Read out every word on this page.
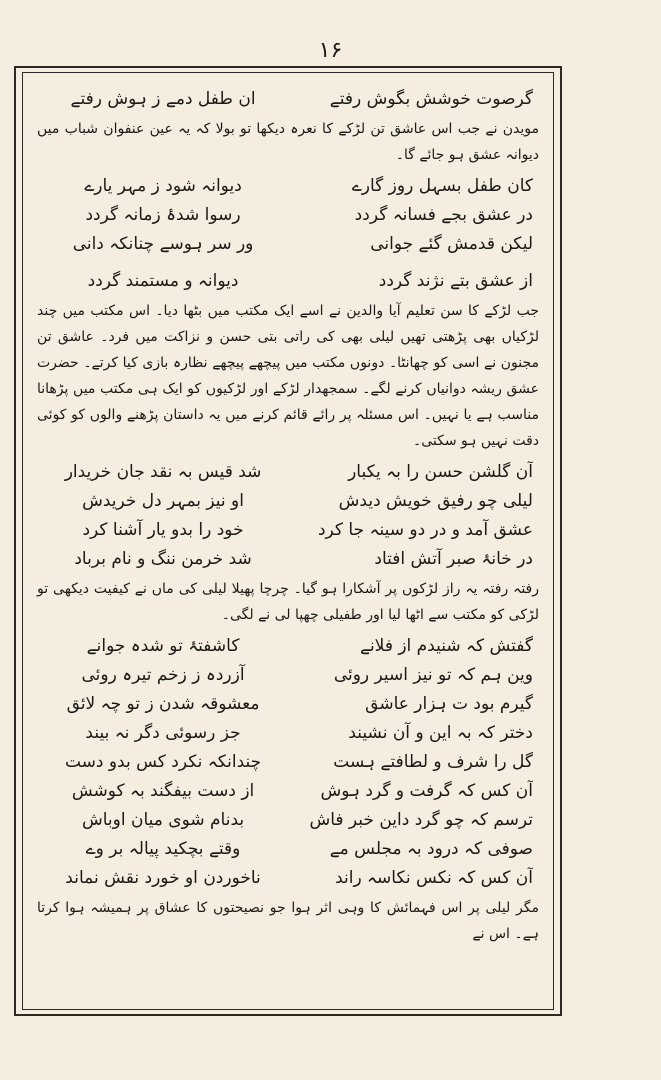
۱۶
گرصوت خوشش بگوش رفتے
ان طفل دمے ز ہوش رفتے
مویدن نے جب اس عاشق تن لڑکے کا نعرہ دیکھا تو بولا کہ یہ عین عنفوان شباب میں دیوانہ عشق ہو جائے گا۔
کان طفل بسہل روز گارے
دیوانہ شود ز مہر یارے
در عشق بجے فسانہ گردد
رسوا شدۂ زمانہ گردد
لیکن قدمش گئے جوانی
ور سر ہوسے چنانکہ دانی
از عشق بتے نژند گردد
دیوانہ و مستمند گردد
جب لڑکے کا سن تعلیم آیا والدین نے اسے ایک مکتب میں بٹھا دیا۔ اس مکتب میں چند لڑکیاں بھی پڑھتی تھیں لیلی بھی کی راتی بتی حسن و نزاکت میں فرد۔ عاشق تن مجنون نے اسی کو چھانٹا۔ دونوں مکتب میں پیچھے پیچھے نظارہ بازی کیا کرتے۔ حضرت عشق ریشہ دوانیاں کرنے لگے۔ سمجھدار لڑکے اور لڑکیوں کو ایک ہی مکتب میں پڑھانا مناسب ہے یا نہیں۔ اس مسئلہ پر رائے قائم کرنے میں یہ داستان پڑھنے والوں کو کوئی دقت نہیں ہو سکتی۔
آن گلشن حسن را بہ یکبار
شد قیس بہ نقد جان خریدار
لیلی چو رفیق خویش دیدش
او نیز بمہر دل خریدش
عشق آمد و در دو سینہ جا کرد
خود را بدو یار آشنا کرد
در خانۂ صبر آتش افتاد
شد خرمن ننگ و نام برباد
رفتہ رفتہ یہ راز لڑکوں پر آشکارا ہو گیا۔ چرچا پھیلا لیلی کی ماں نے کیفیت دیکھی تو لڑکی کو مکتب سے اٹھا لیا اور طفیلی چھپا لی نے لگی۔
گفتش کہ شنیدم از فلانے
کاشفتۂ تو شدہ جوانے
وین ہم کہ تو نیز اسیر روئی
آزردہ ز زخم تیرہ روئی
گیرم بود ت ہزار عاشق
معشوقہ شدن ز تو چہ لائق
دختر کہ بہ این و آن نشیند
جز رسوئی دگر نہ بیند
گل را شرف و لطافتے ہست
چندانکہ نکرد کس بدو دست
آن کس کہ گرفت و گرد ہوش
از دست بیفگند بہ کوشش
ترسم کہ چو گرد داین خبر فاش
بدنام شوی میان اوباش
صوفی کہ درود بہ مجلس مے
وقتے بچکید پیالہ بر وے
آن کس کہ نکس نکاسہ راند
ناخوردن او خورد نقش نماند
مگر لیلی پر اس فہمائش کا وہی اثر ہوا جو نصیحتوں کا عشاق پر ہمیشہ ہوا کرتا ہے۔ اس نے
